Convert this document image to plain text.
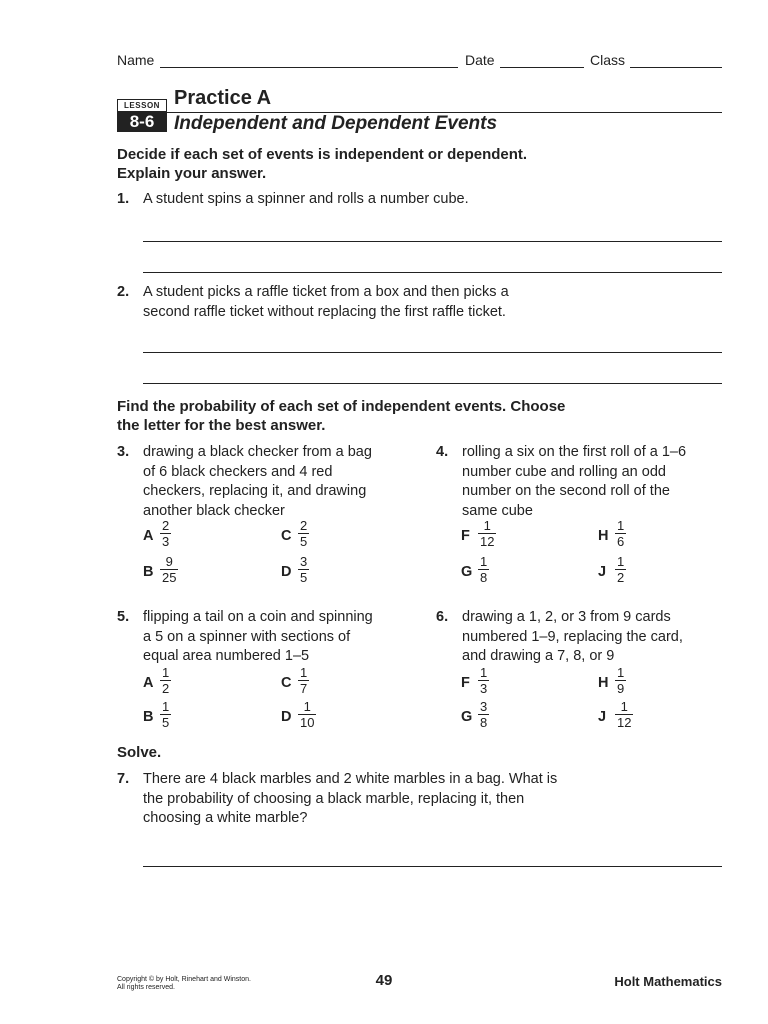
Name	Date	Class
LESSON
8-6
Practice A
Independent and Dependent Events
Decide if each set of events is independent or dependent.
Explain your answer.
1. A student spins a spinner and rolls a number cube.
2. A student picks a raffle ticket from a box and then picks a
second raffle ticket without replacing the first raffle ticket.
Find the probability of each set of independent events. Choose
the letter for the best answer.
3. drawing a black checker from a bag
of 6 black checkers and 4 red
checkers, replacing it, and drawing
another black checker
A $\frac{2}{3}$	C $\frac{2}{5}$
B $\frac{9}{25}$	D $\frac{3}{5}$
4. rolling a six on the first roll of a 1–6
number cube and rolling an odd
number on the second roll of the
same cube
F $\frac{1}{12}$	H $\frac{1}{6}$
G $\frac{1}{8}$	J $\frac{1}{2}$
5. flipping a tail on a coin and spinning
a 5 on a spinner with sections of
equal area numbered 1–5
A $\frac{1}{2}$	C $\frac{1}{7}$
B $\frac{1}{5}$	D $\frac{1}{10}$
6. drawing a 1, 2, or 3 from 9 cards
numbered 1–9, replacing the card,
and drawing a 7, 8, or 9
F $\frac{1}{3}$	H $\frac{1}{9}$
G $\frac{3}{8}$	J $\frac{1}{12}$
Solve.
7. There are 4 black marbles and 2 white marbles in a bag. What is
the probability of choosing a black marble, replacing it, then
choosing a white marble?
Copyright © by Holt, Rinehart and Winston.
All rights reserved.	49	Holt Mathematics
